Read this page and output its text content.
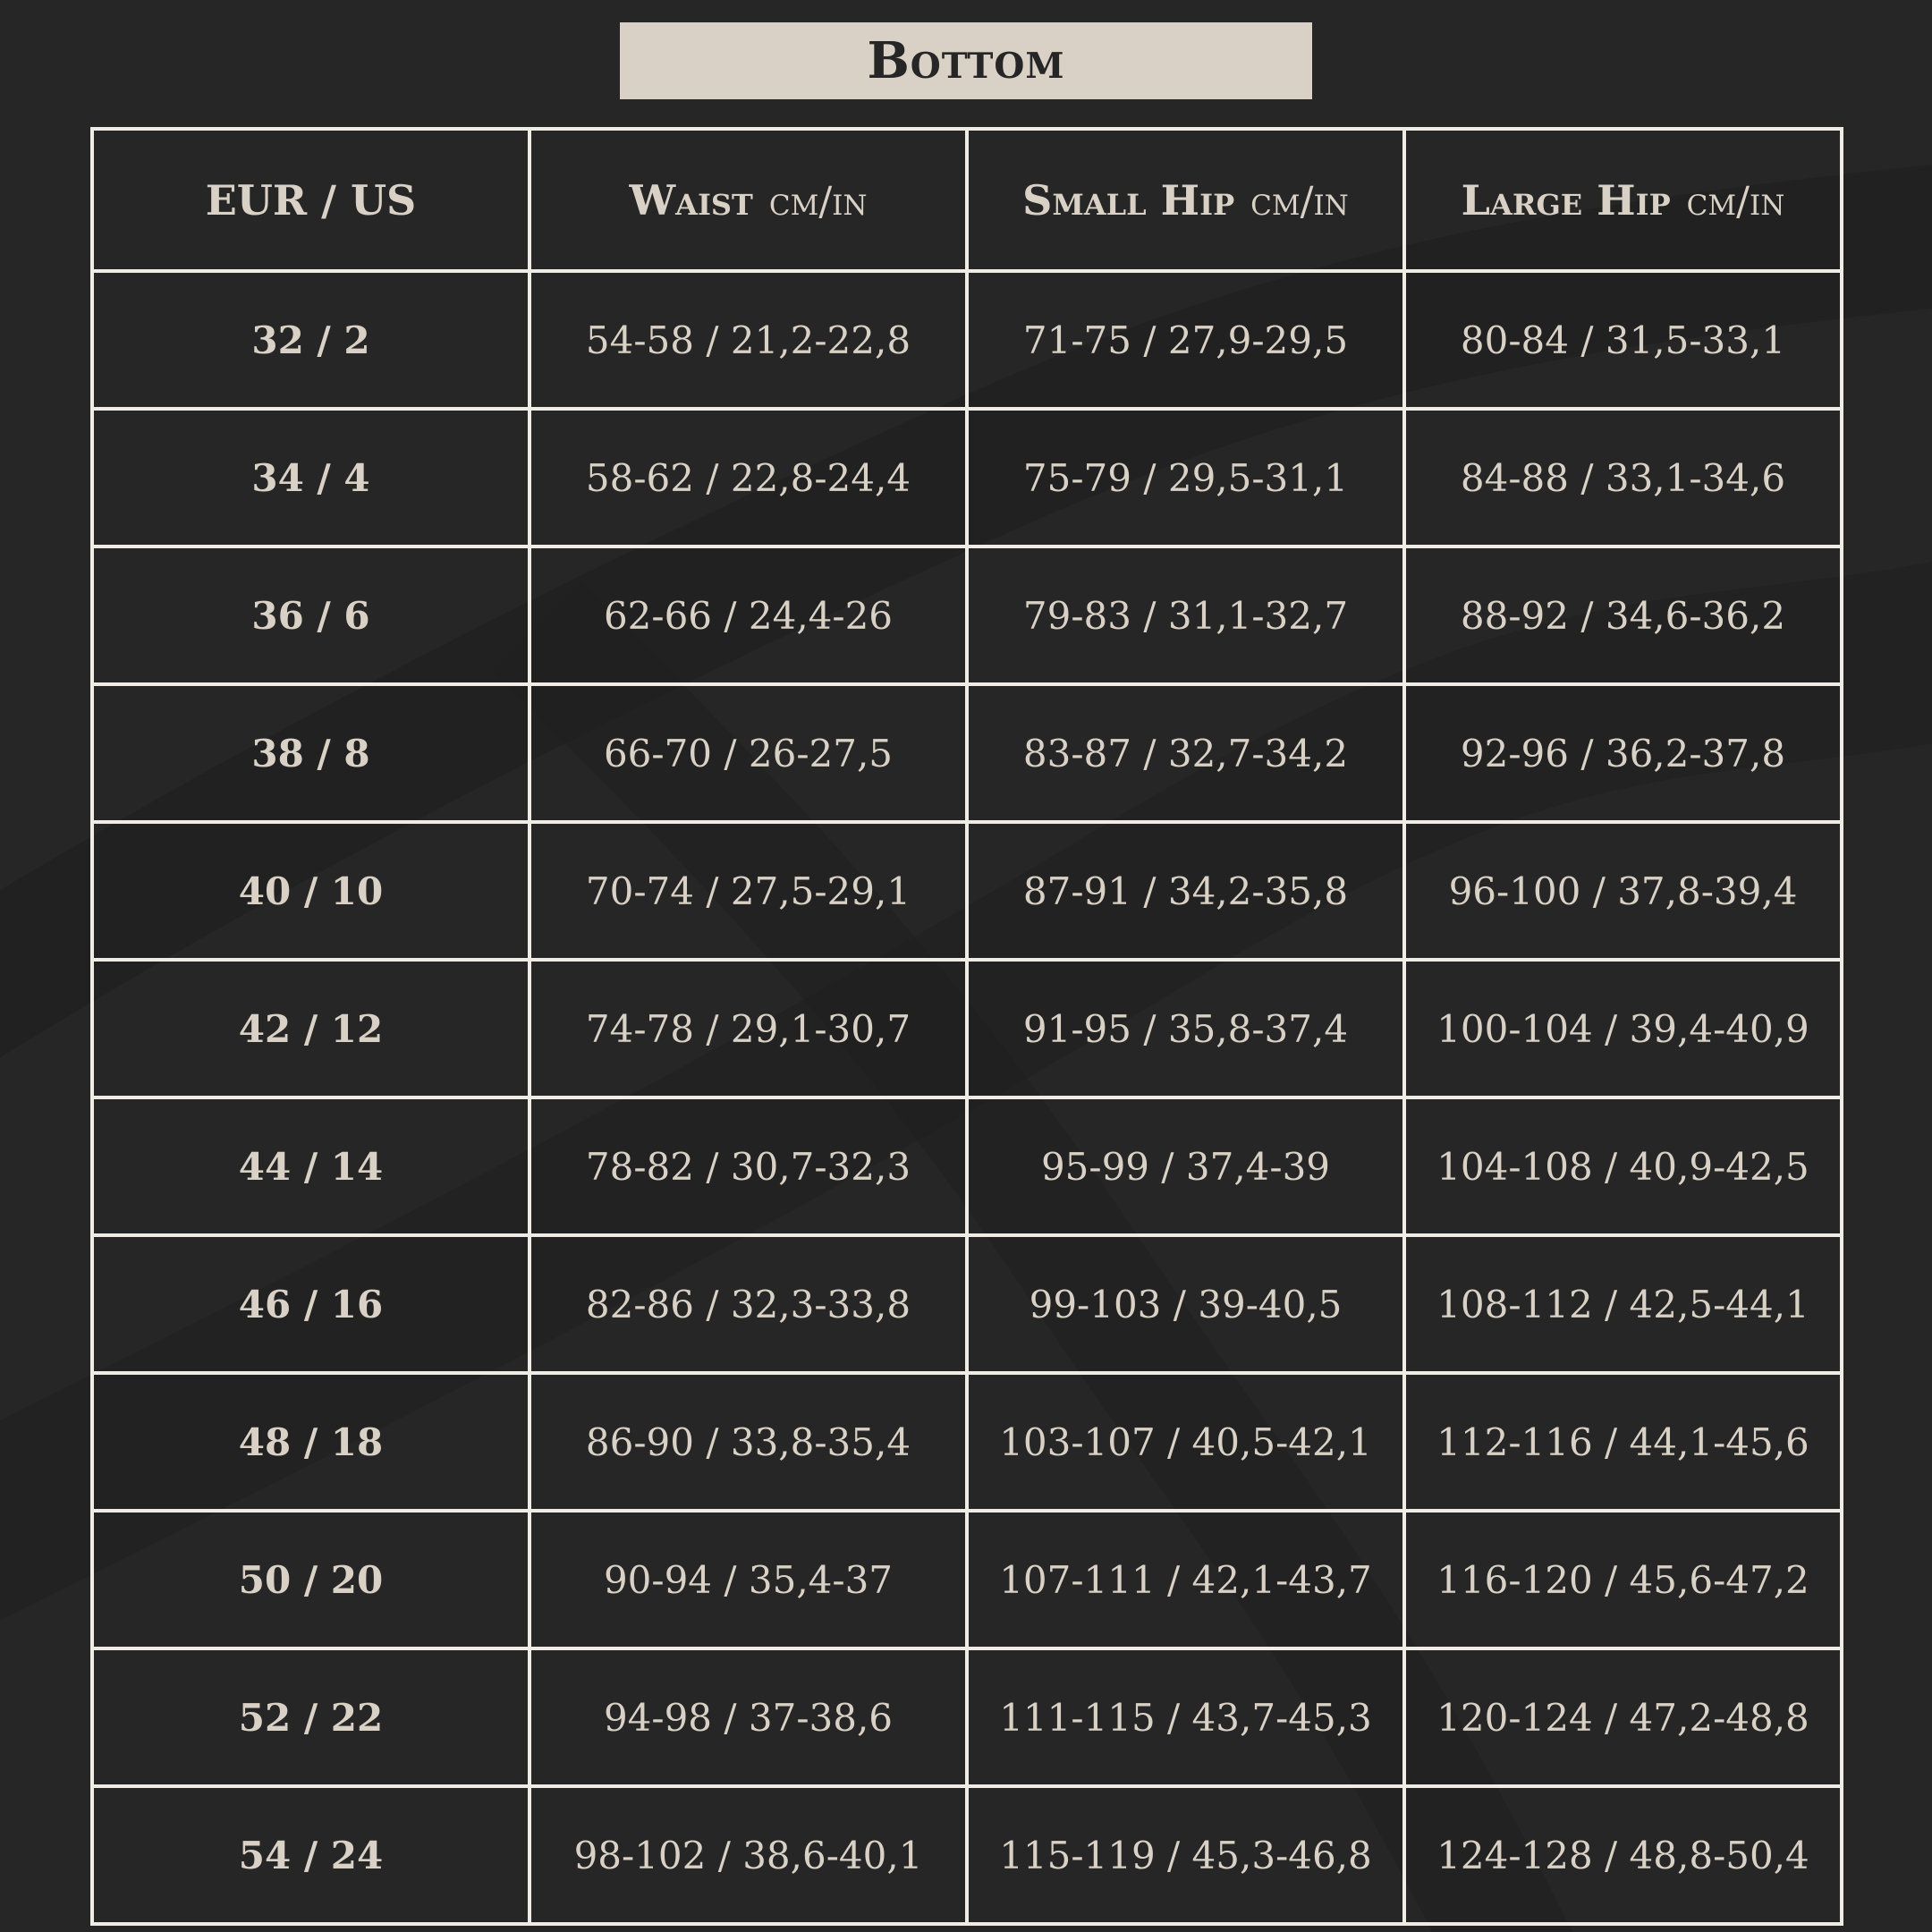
Bottom
EUR / US	Waist cm/in	Small Hip cm/in	Large Hip cm/in
32 / 2	54-58 / 21,2-22,8	71-75 / 27,9-29,5	80-84 / 31,5-33,1
34 / 4	58-62 / 22,8-24,4	75-79 / 29,5-31,1	84-88 / 33,1-34,6
36 / 6	62-66 / 24,4-26	79-83 / 31,1-32,7	88-92 / 34,6-36,2
38 / 8	66-70 / 26-27,5	83-87 / 32,7-34,2	92-96 / 36,2-37,8
40 / 10	70-74 / 27,5-29,1	87-91 / 34,2-35,8	96-100 / 37,8-39,4
42 / 12	74-78 / 29,1-30,7	91-95 / 35,8-37,4	100-104 / 39,4-40,9
44 / 14	78-82 / 30,7-32,3	95-99 / 37,4-39	104-108 / 40,9-42,5
46 / 16	82-86 / 32,3-33,8	99-103 / 39-40,5	108-112 / 42,5-44,1
48 / 18	86-90 / 33,8-35,4	103-107 / 40,5-42,1	112-116 / 44,1-45,6
50 / 20	90-94 / 35,4-37	107-111 / 42,1-43,7	116-120 / 45,6-47,2
52 / 22	94-98 / 37-38,6	111-115 / 43,7-45,3	120-124 / 47,2-48,8
54 / 24	98-102 / 38,6-40,1	115-119 / 45,3-46,8	124-128 / 48,8-50,4
